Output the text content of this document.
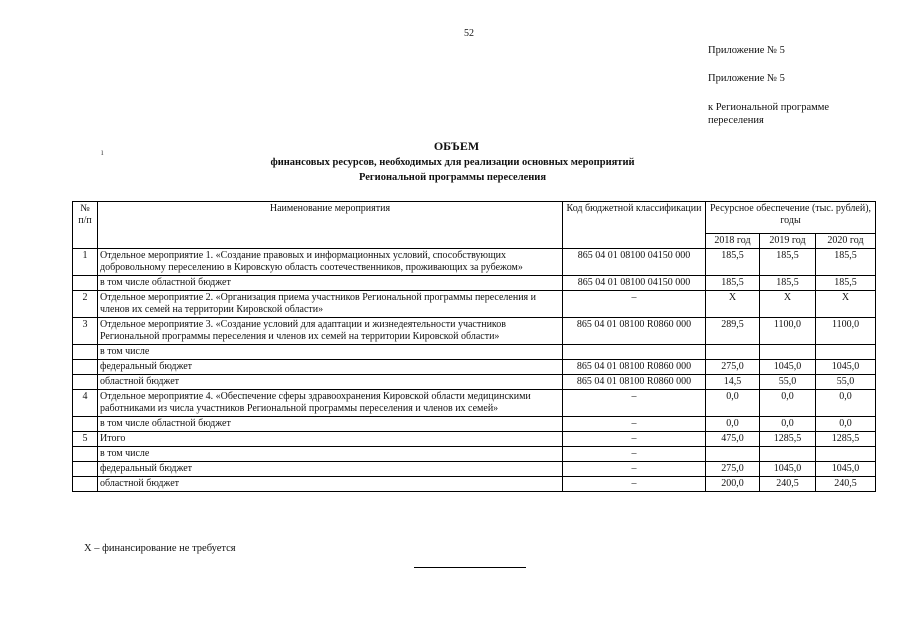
52
Приложение № 5
Приложение № 5
к Региональной программе переселения
ı	ОБЪЕМ
финансовых ресурсов, необходимых для реализации основных мероприятий
Региональной программы переселения
№ п/п	Наименование мероприятия	Код бюджетной классификации	Ресурсное обеспечение (тыс. рублей), годы		
			2018 год	2019 год	2020 год
1	Отдельное мероприятие 1. «Создание правовых и информационных условий, способствующих добровольному переселению в Кировскую область соотечественников, проживающих за рубежом»	865 04 01 08100 04150 000	185,5	185,5	185,5
	в том числе областной бюджет	865 04 01 08100 04150 000	185,5	185,5	185,5
2	Отдельное мероприятие 2. «Организация приема участников Региональной программы переселения и членов их семей на территории Кировской области»	–	X	X	X
3	Отдельное мероприятие 3. «Создание условий для адаптации и жизнедеятельности участников Региональной программы переселения и членов их семей на территории Кировской области»	865 04 01 08100 R0860 000	289,5	1100,0	1100,0
	в том числе				
	федеральный бюджет	865 04 01 08100 R0860 000	275,0	1045,0	1045,0
	областной бюджет	865 04 01 08100 R0860 000	14,5	55,0	55,0
4	Отдельное мероприятие 4. «Обеспечение сферы здравоохранения Кировской области медицинскими работниками из числа участников Региональной программы переселения и членов их семей»	–	0,0	0,0	0,0
	в том числе областной бюджет	–	0,0	0,0	0,0
5	Итого	–	475,0	1285,5	1285,5
	в том числе	–			
	федеральный бюджет	–	275,0	1045,0	1045,0
	областной бюджет	–	200,0	240,5	240,5
X – финансирование не требуется
